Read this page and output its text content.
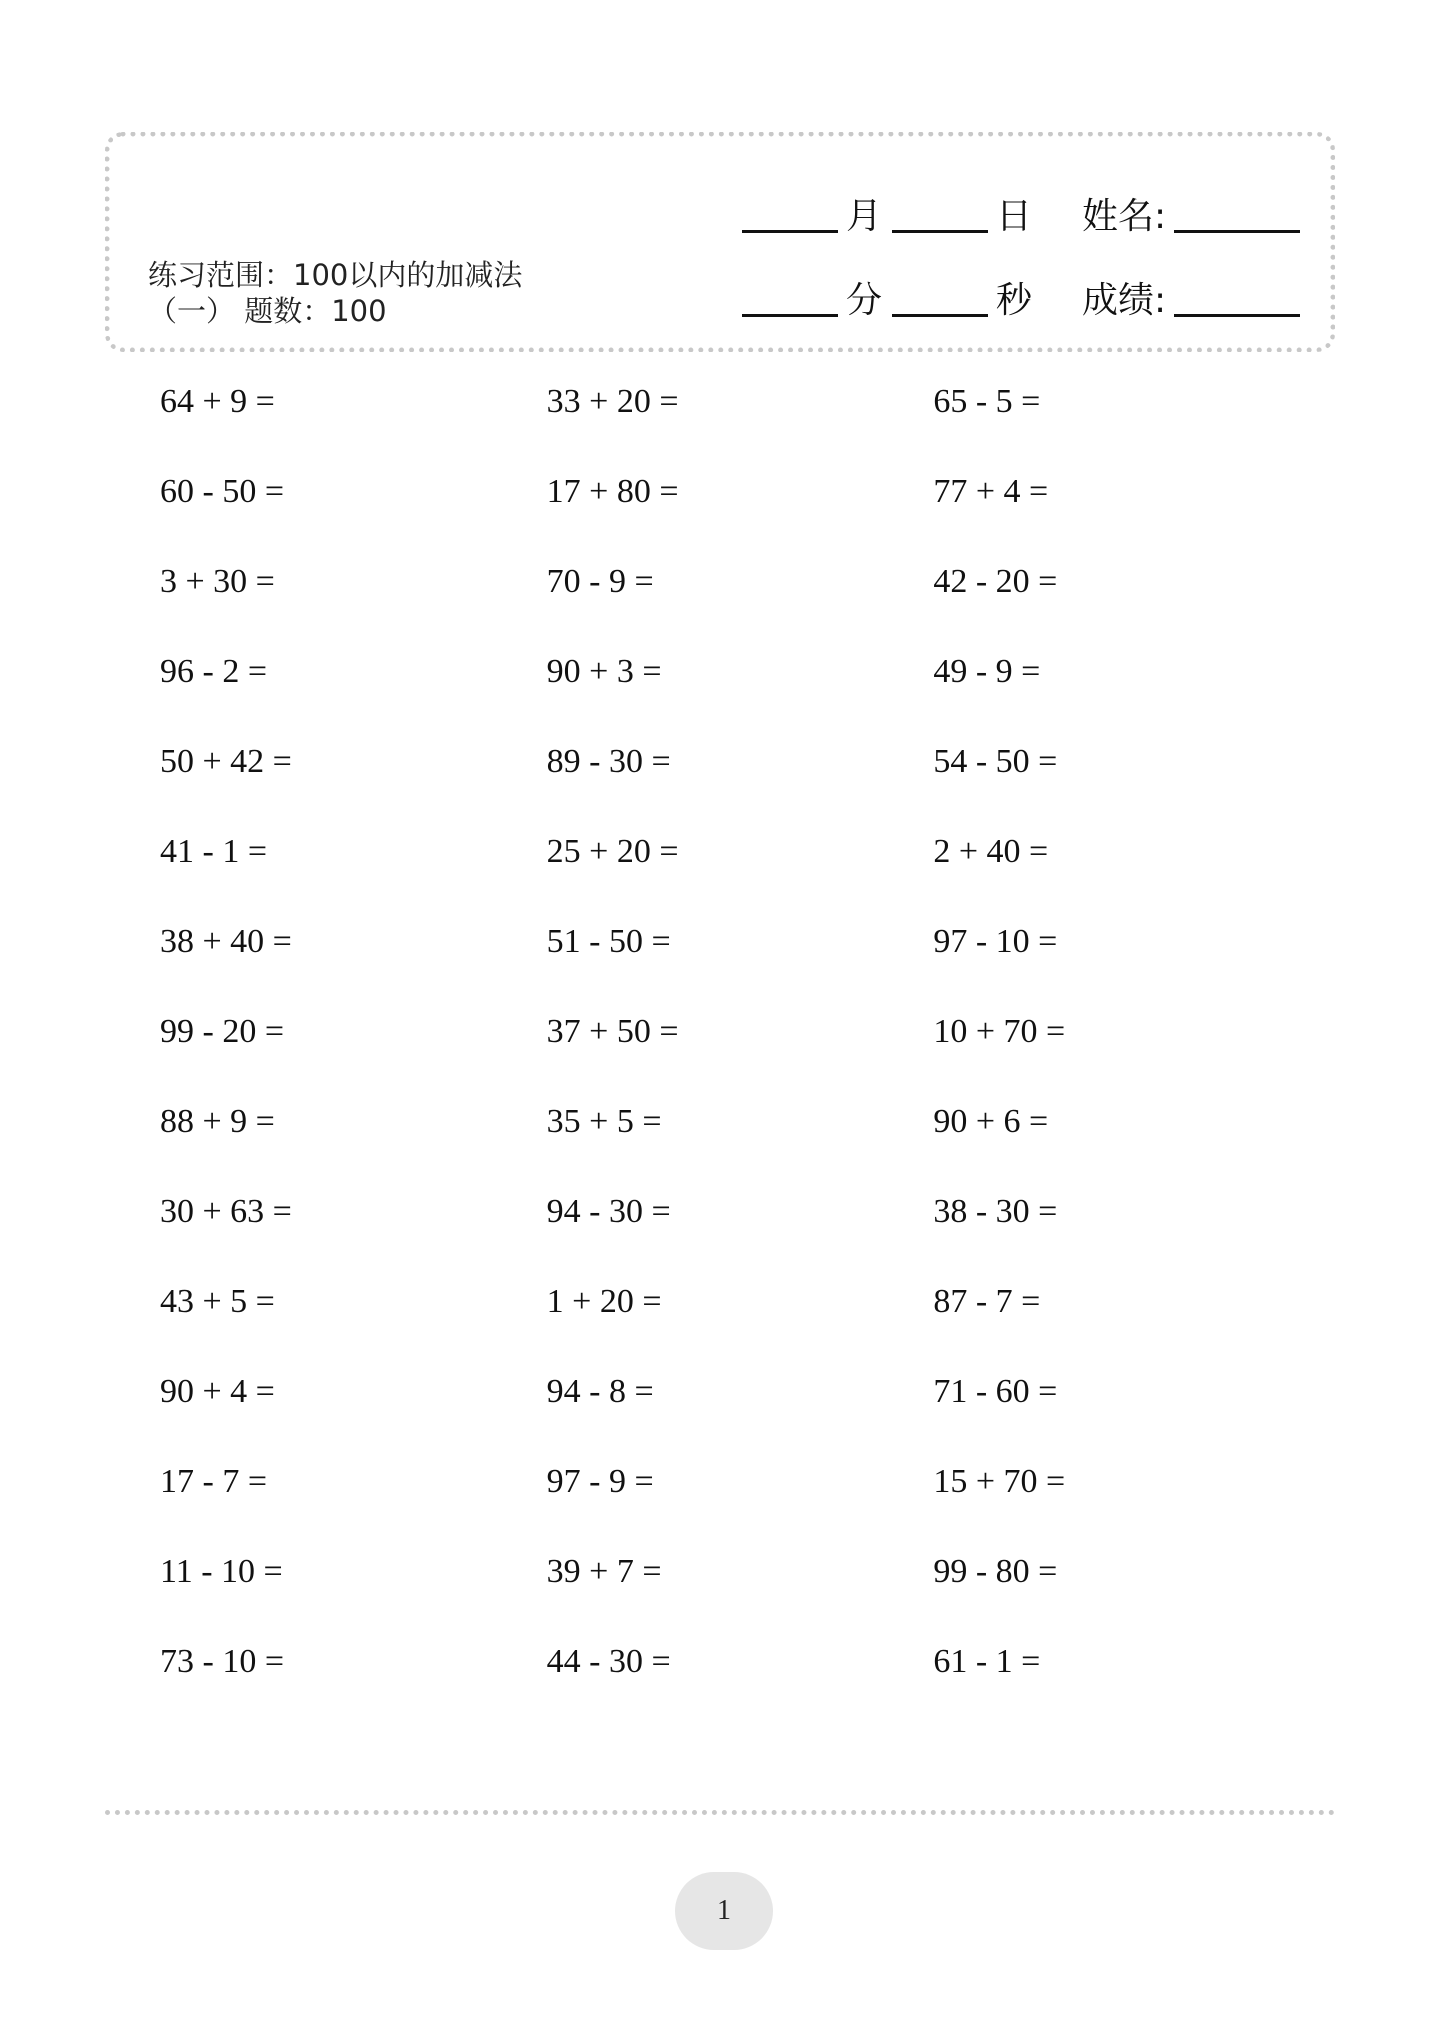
练习范围：100以内的加减法
（一） 题数：100
月	日 姓名:
分	秒 成绩:
64 + 9 =	33 + 20 =	65 - 5 =
60 - 50 =	17 + 80 =	77 + 4 =
3 + 30 =	70 - 9 =	42 - 20 =
96 - 2 =	90 + 3 =	49 - 9 =
50 + 42 =	89 - 30 =	54 - 50 =
41 - 1 =	25 + 20 =	2 + 40 =
38 + 40 =	51 - 50 =	97 - 10 =
99 - 20 =	37 + 50 =	10 + 70 =
88 + 9 =	35 + 5 =	90 + 6 =
30 + 63 =	94 - 30 =	38 - 30 =
43 + 5 =	1 + 20 =	87 - 7 =
90 + 4 =	94 - 8 =	71 - 60 =
17 - 7 =	97 - 9 =	15 + 70 =
11 - 10 =	39 + 7 =	99 - 80 =
73 - 10 =	44 - 30 =	61 - 1 =
1
